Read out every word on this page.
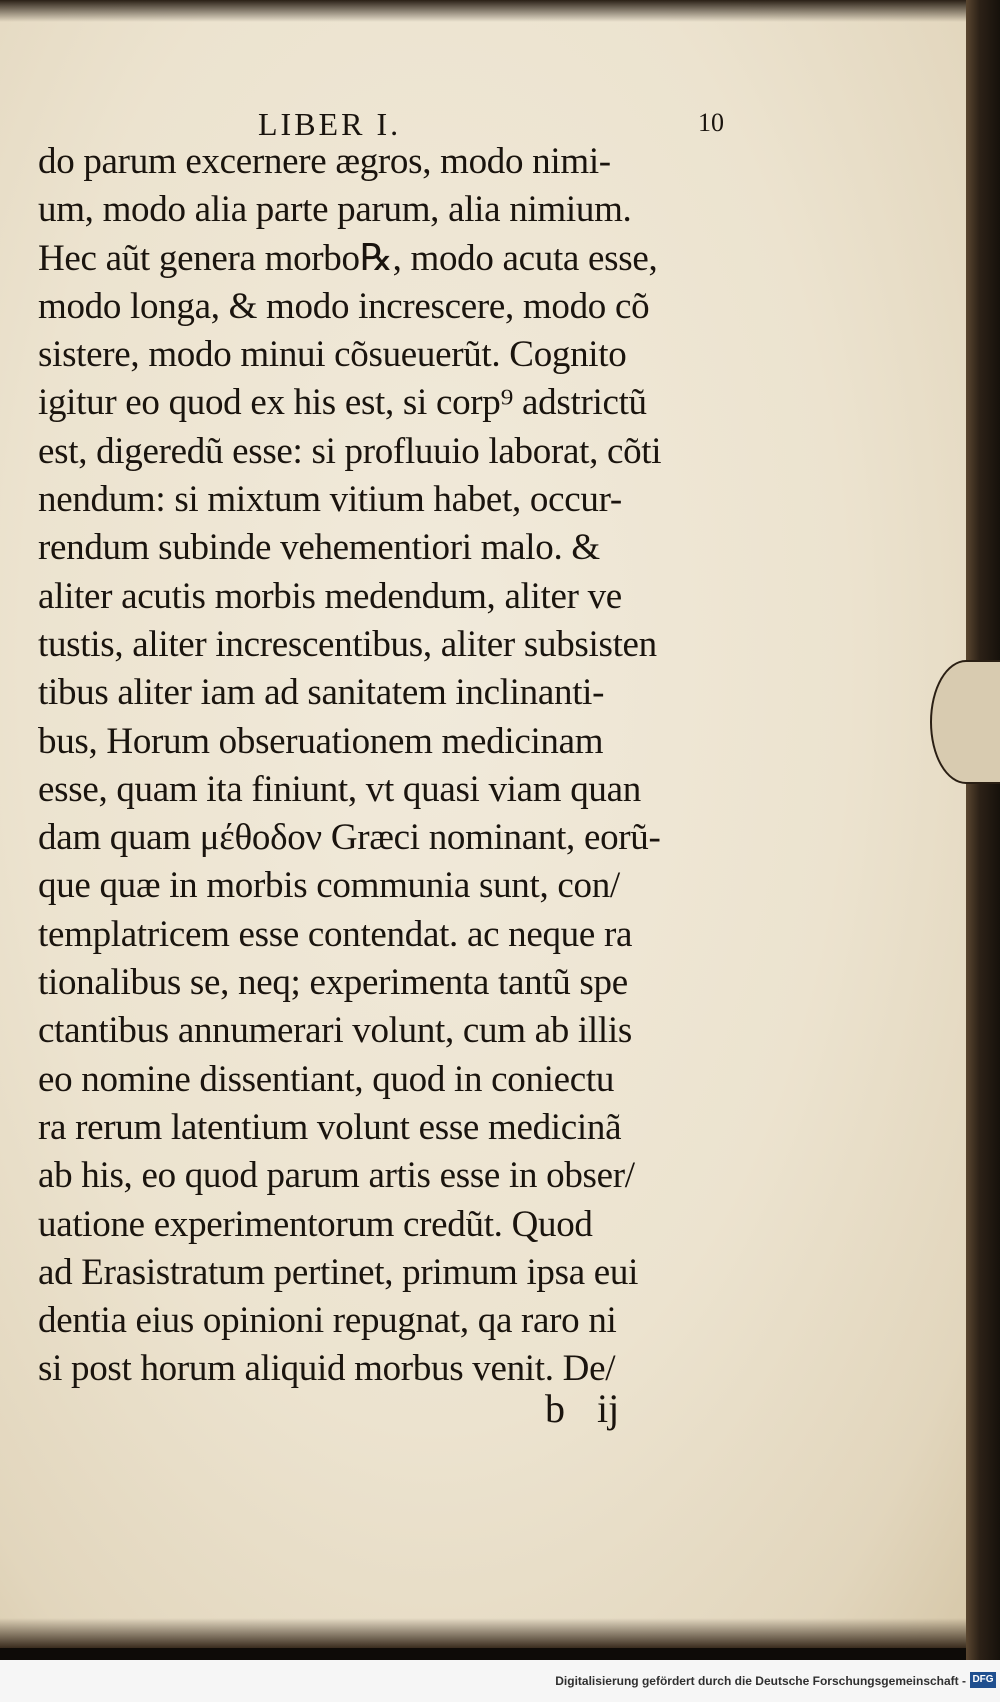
LIBER I.	10
do parum excernere ægros, modo nimi-
um, modo alia parte parum, alia nimium.
Hec aũt genera morbo℞, modo acuta esse,
modo longa, & modo increscere, modo cõ
sistere, modo minui cõsueuerũt. Cognito
igitur eo quod ex his est, si corp⁹ adstrictũ
est, digeredũ esse: si profluuio laborat, cõti
nendum: si mixtum vitium habet, occur-
rendum subinde vehementiori malo. &
aliter acutis morbis medendum, aliter ve
tustis, aliter increscentibus, aliter subsisten
tibus aliter iam ad sanitatem inclinanti-
bus, Horum obseruationem medicinam
esse, quam ita finiunt, vt quasi viam quan
dam quam μέθοδον Græci nominant, eorũ-
que quæ in morbis communia sunt, con/
templatricem esse contendat. ac neque ra
tionalibus se, neq; experimenta tantũ spe
ctantibus annumerari volunt, cum ab illis
eo nomine dissentiant, quod in coniectu
ra rerum latentium volunt esse medicinã
ab his, eo quod parum artis esse in obser/
uatione experimentorum credũt. Quod
ad Erasistratum pertinet, primum ipsa eui
dentia eius opinioni repugnat, qa raro ni
si post horum aliquid morbus venit. De/
b ij
Digitalisierung gefördert durch die Deutsche Forschungsgemeinschaft - DFG
